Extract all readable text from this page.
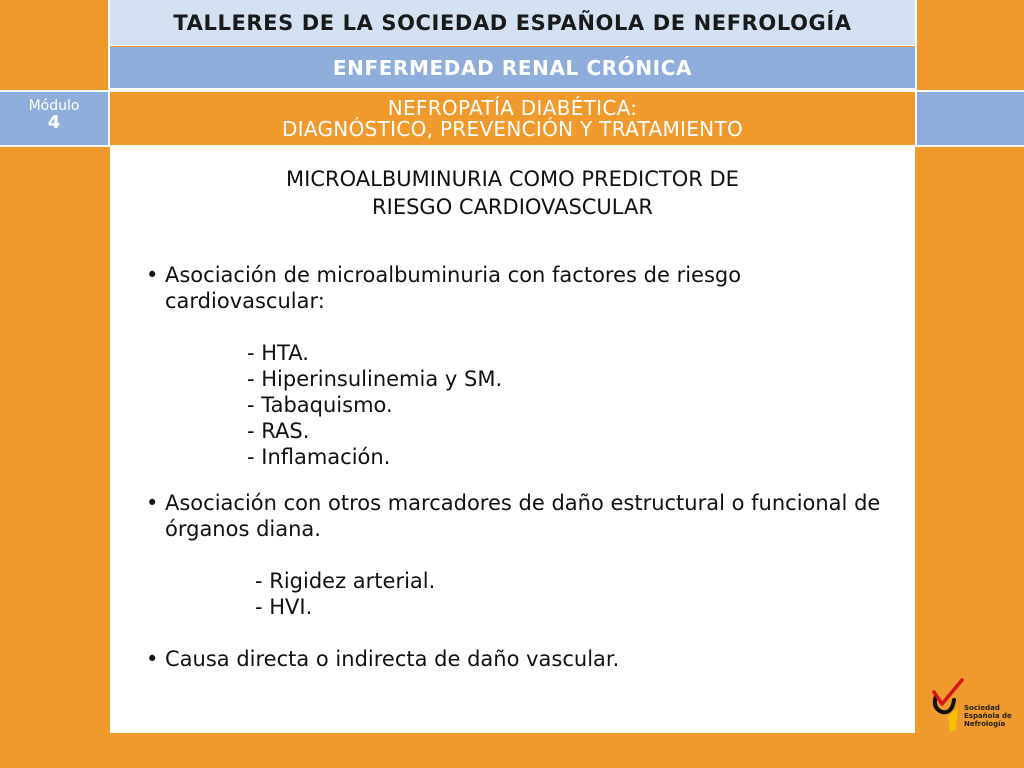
TALLERES DE LA SOCIEDAD ESPAÑOLA DE NEFROLOGÍA
ENFERMEDAD RENAL CRÓNICA
NEFROPATÍA DIABÉTICA:
DIAGNÓSTICO, PREVENCIÓN Y TRATAMIENTO
Módulo
4
MICROALBUMINURIA COMO PREDICTOR DE
RIESGO CARDIOVASCULAR
• Asociación de microalbuminuria con factores de riesgo cardiovascular:
- HTA.
- Hiperinsulinemia y SM.
- Tabaquismo.
- RAS.
- Inflamación.
• Asociación con otros marcadores de daño estructural o funcional de órganos diana.
- Rigidez arterial.
- HVI.
• Causa directa o indirecta de daño vascular.
Sociedad
Española de
Nefrología
